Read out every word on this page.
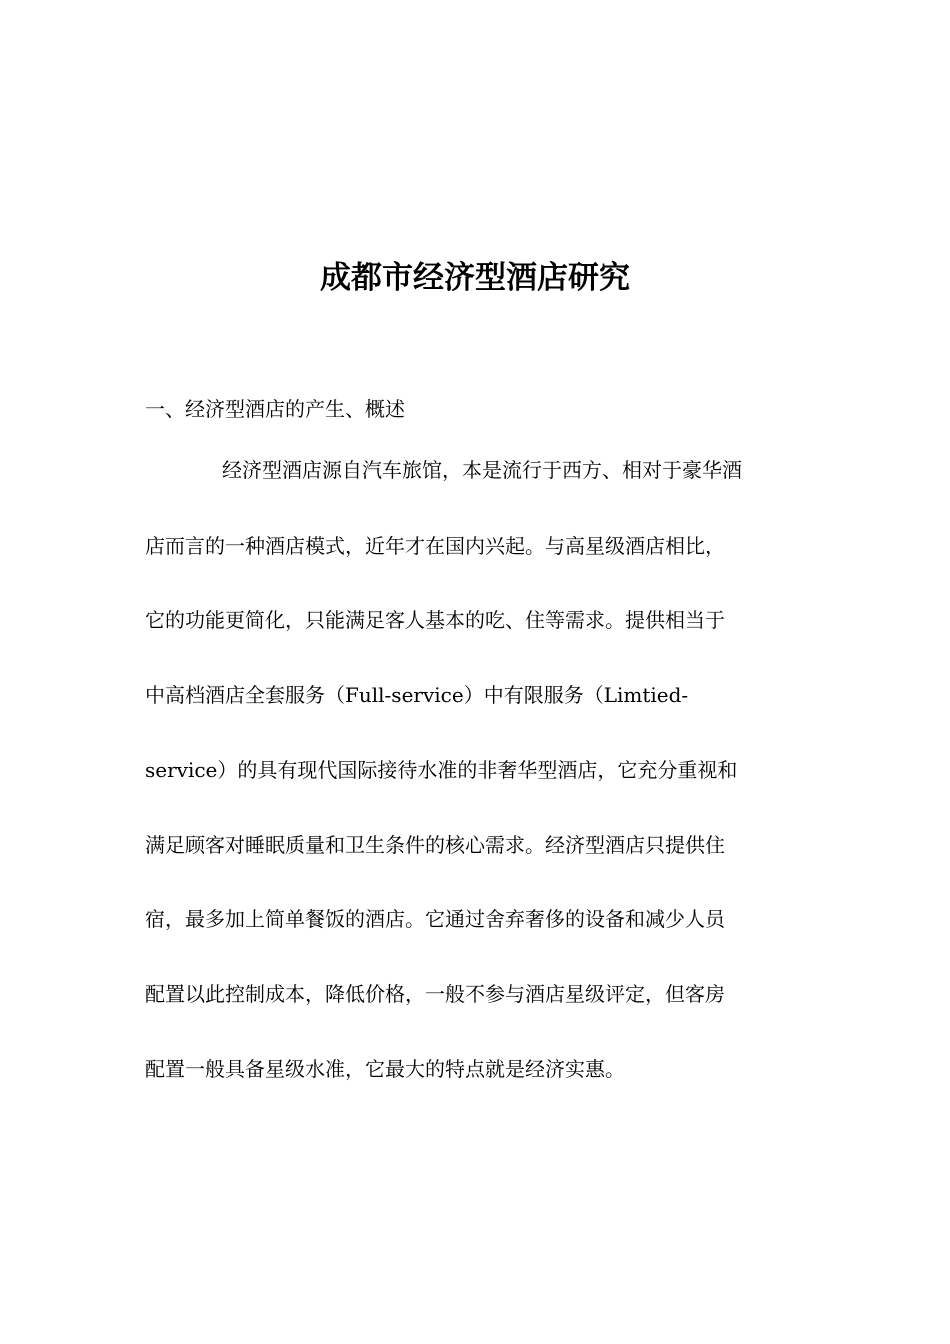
成都市经济型酒店研究

一、经济型酒店的产生、概述

经济型酒店源自汽车旅馆，本是流行于西方、相对于豪华酒

店而言的一种酒店模式，近年才在国内兴起。与高星级酒店相比，

它的功能更简化，只能满足客人基本的吃、住等需求。提供相当于

中高档酒店全套服务（Full-service）中有限服务（Limtied-

service）的具有现代国际接待水准的非奢华型酒店，它充分重视和

满足顾客对睡眠质量和卫生条件的核心需求。经济型酒店只提供住

宿，最多加上简单餐饭的酒店。它通过舍弃奢侈的设备和减少人员

配置以此控制成本，降低价格，一般不参与酒店星级评定，但客房

配置一般具备星级水准，它最大的特点就是经济实惠。
